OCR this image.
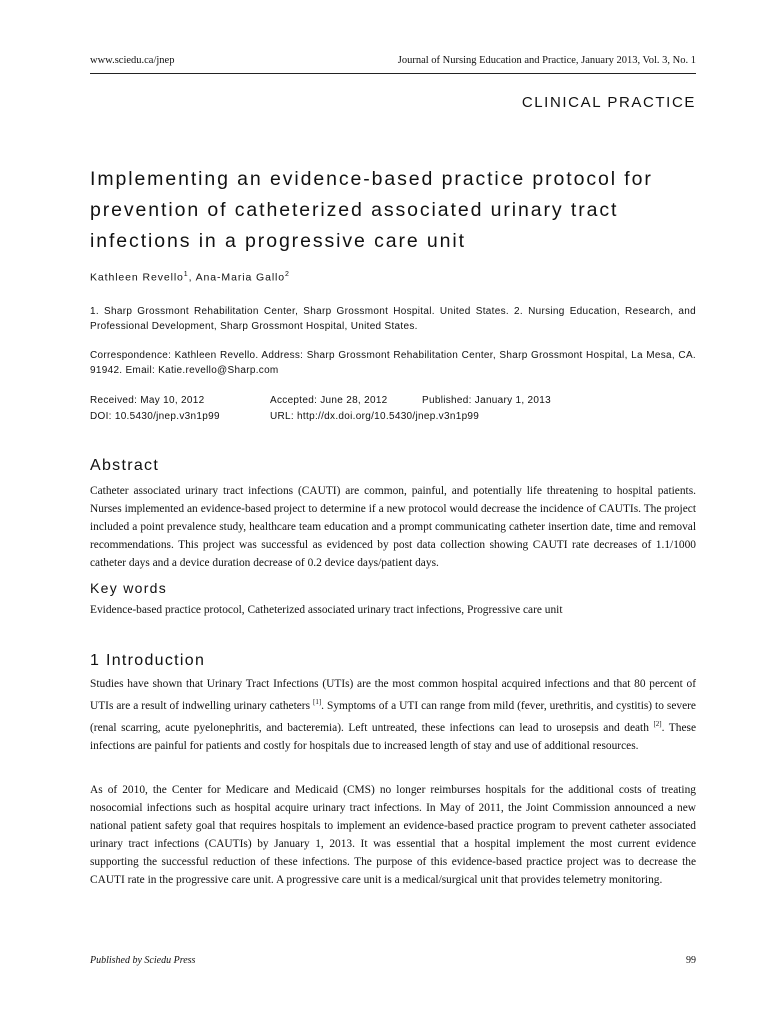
www.sciedu.ca/jnep	Journal of Nursing Education and Practice, January 2013, Vol. 3, No. 1
CLINICAL PRACTICE
Implementing an evidence-based practice protocol for prevention of catheterized associated urinary tract infections in a progressive care unit
Kathleen Revello$^1$, Ana-Maria Gallo$^2$
1. Sharp Grossmont Rehabilitation Center, Sharp Grossmont Hospital. United States. 2. Nursing Education, Research, and Professional Development, Sharp Grossmont Hospital, United States.
Correspondence: Kathleen Revello. Address: Sharp Grossmont Rehabilitation Center, Sharp Grossmont Hospital, La Mesa, CA. 91942. Email: Katie.revello@Sharp.com
Received: May 10, 2012	Accepted: June 28, 2012	Published: January 1, 2013
DOI: 10.5430/jnep.v3n1p99	URL: http://dx.doi.org/10.5430/jnep.v3n1p99
Abstract

Catheter associated urinary tract infections (CAUTI) are common, painful, and potentially life threatening to hospital patients. Nurses implemented an evidence-based project to determine if a new protocol would decrease the incidence of CAUTIs. The project included a point prevalence study, healthcare team education and a prompt communicating catheter insertion date, time and removal recommendations. This project was successful as evidenced by post data collection showing CAUTI rate decreases of 1.1/1000 catheter days and a device duration decrease of 0.2 device days/patient days.

Key words

Evidence-based practice protocol, Catheterized associated urinary tract infections, Progressive care unit

1 Introduction

Studies have shown that Urinary Tract Infections (UTIs) are the most common hospital acquired infections and that 80 percent of UTIs are a result of indwelling urinary catheters [1]. Symptoms of a UTI can range from mild (fever, urethritis, and cystitis) to severe (renal scarring, acute pyelonephritis, and bacteremia). Left untreated, these infections can lead to urosepsis and death [2]. These infections are painful for patients and costly for hospitals due to increased length of stay and use of additional resources.

As of 2010, the Center for Medicare and Medicaid (CMS) no longer reimburses hospitals for the additional costs of treating nosocomial infections such as hospital acquire urinary tract infections. In May of 2011, the Joint Commission announced a new national patient safety goal that requires hospitals to implement an evidence-based practice program to prevent catheter associated urinary tract infections (CAUTIs) by January 1, 2013. It was essential that a hospital implement the most current evidence supporting the successful reduction of these infections. The purpose of this evidence-based practice project was to decrease the CAUTI rate in the progressive care unit. A progressive care unit is a medical/surgical unit that provides telemetry monitoring.

Published by Sciedu Press	99
